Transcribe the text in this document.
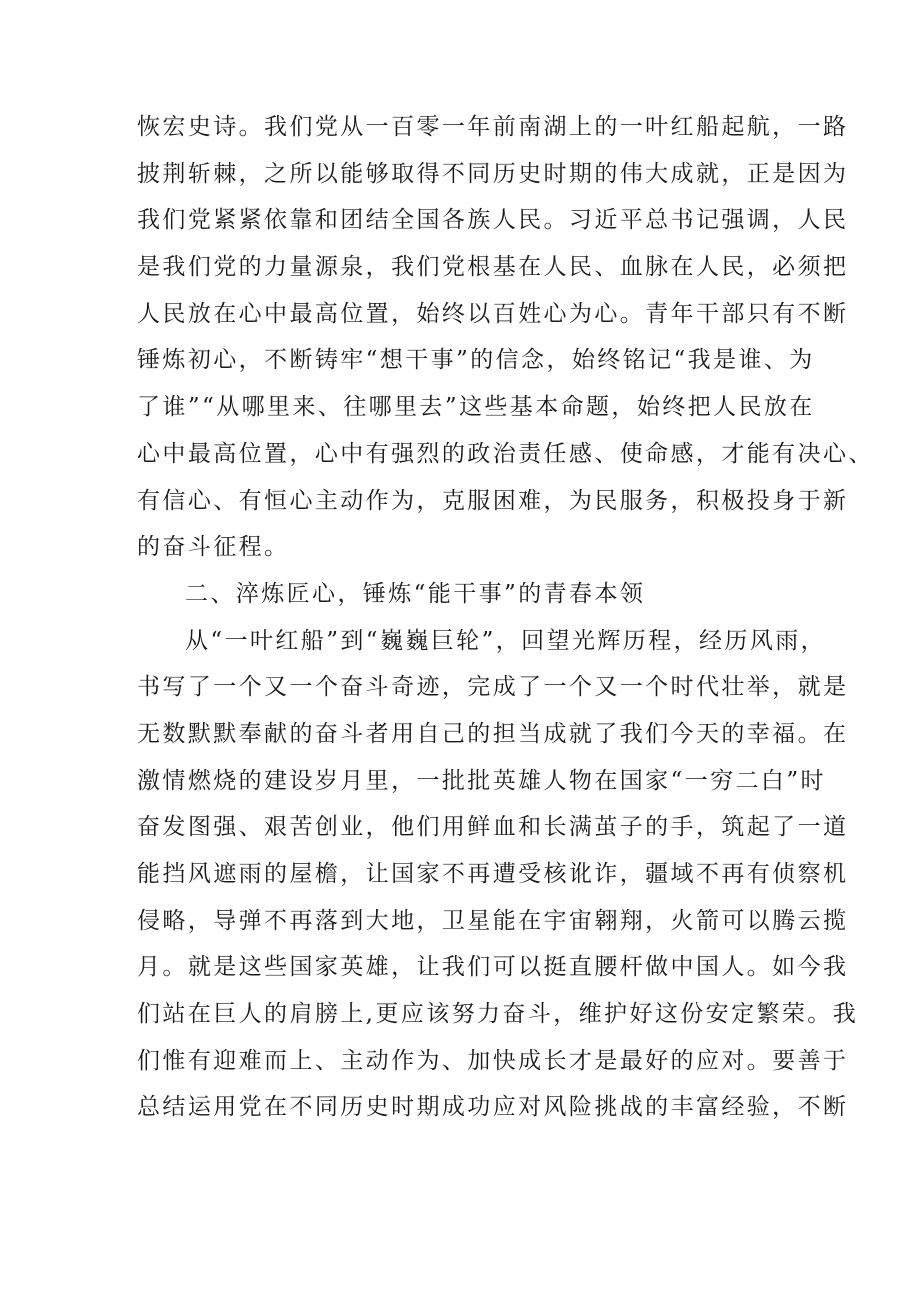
恢 宏 史 诗 。 我 们 党 从 一 百 零 一 年 前 南 湖 上 的 一 叶 红 船 起 航 ， 一 路
披 荆 斩 棘 ， 之 所 以 能 够 取 得 不 同 历 史 时 期 的 伟 大 成 就 ， 正 是 因 为
我 们 党 紧 紧 依 靠 和 团 结 全 国 各 族 人 民 。 习 近 平 总 书 记 强 调 ， 人 民
是 我 们 党 的 力 量 源 泉 ， 我 们 党 根 基 在 人 民 、 血 脉 在 人 民 ， 必 须 把
人 民 放 在 心 中 最 高 位 置 ， 始 终 以 百 姓 心 为 心 。 青 年 干 部 只 有 不 断
锤 炼 初 心 ， 不 断 铸 牢 “ 想 干 事 ” 的 信 念 ， 始 终 铭 记 “ 我 是 谁 、 为
了 谁 ” “ 从 哪 里 来 、 往 哪 里 去 ” 这 些 基 本 命 题 ， 始 终 把 人 民 放 在
心 中 最 高 位 置 ， 心 中 有 强 烈 的 政 治 责 任 感 、 使 命 感 ， 才 能 有 决 心 、
有 信 心 、 有 恒 心 主 动 作 为 ， 克 服 困 难 ， 为 民 服 务 ， 积 极 投 身 于 新
的 奋 斗 征 程 。
二 、 淬 炼 匠 心 ， 锤 炼 “ 能 干 事 ” 的 青 春 本 领
从 “ 一 叶 红 船 ” 到 “ 巍 巍 巨 轮 ” ， 回 望 光 辉 历 程 ， 经 历 风 雨 ，
书 写 了 一 个 又 一 个 奋 斗 奇 迹 ， 完 成 了 一 个 又 一 个 时 代 壮 举 ， 就 是
无 数 默 默 奉 献 的 奋 斗 者 用 自 己 的 担 当 成 就 了 我 们 今 天 的 幸 福 。 在
激 情 燃 烧 的 建 设 岁 月 里 ， 一 批 批 英 雄 人 物 在 国 家 “ 一 穷 二 白 ” 时
奋 发 图 强 、 艰 苦 创 业 ， 他 们 用 鲜 血 和 长 满 茧 子 的 手 ， 筑 起 了 一 道
能 挡 风 遮 雨 的 屋 檐 ， 让 国 家 不 再 遭 受 核 讹 诈 ， 疆 域 不 再 有 侦 察 机
侵 略 ， 导 弹 不 再 落 到 大 地 ， 卫 星 能 在 宇 宙 翱 翔 ， 火 箭 可 以 腾 云 揽
月 。 就 是 这 些 国 家 英 雄 ， 让 我 们 可 以 挺 直 腰 杆 做 中 国 人 。 如 今 我
们 站 在 巨 人 的 肩 膀 上 , 更 应 该 努 力 奋 斗 ， 维 护 好 这 份 安 定 繁 荣 。 我
们 惟 有 迎 难 而 上 、 主 动 作 为 、 加 快 成 长 才 是 最 好 的 应 对 。 要 善 于
总 结 运 用 党 在 不 同 历 史 时 期 成 功 应 对 风 险 挑 战 的 丰 富 经 验 ， 不 断
